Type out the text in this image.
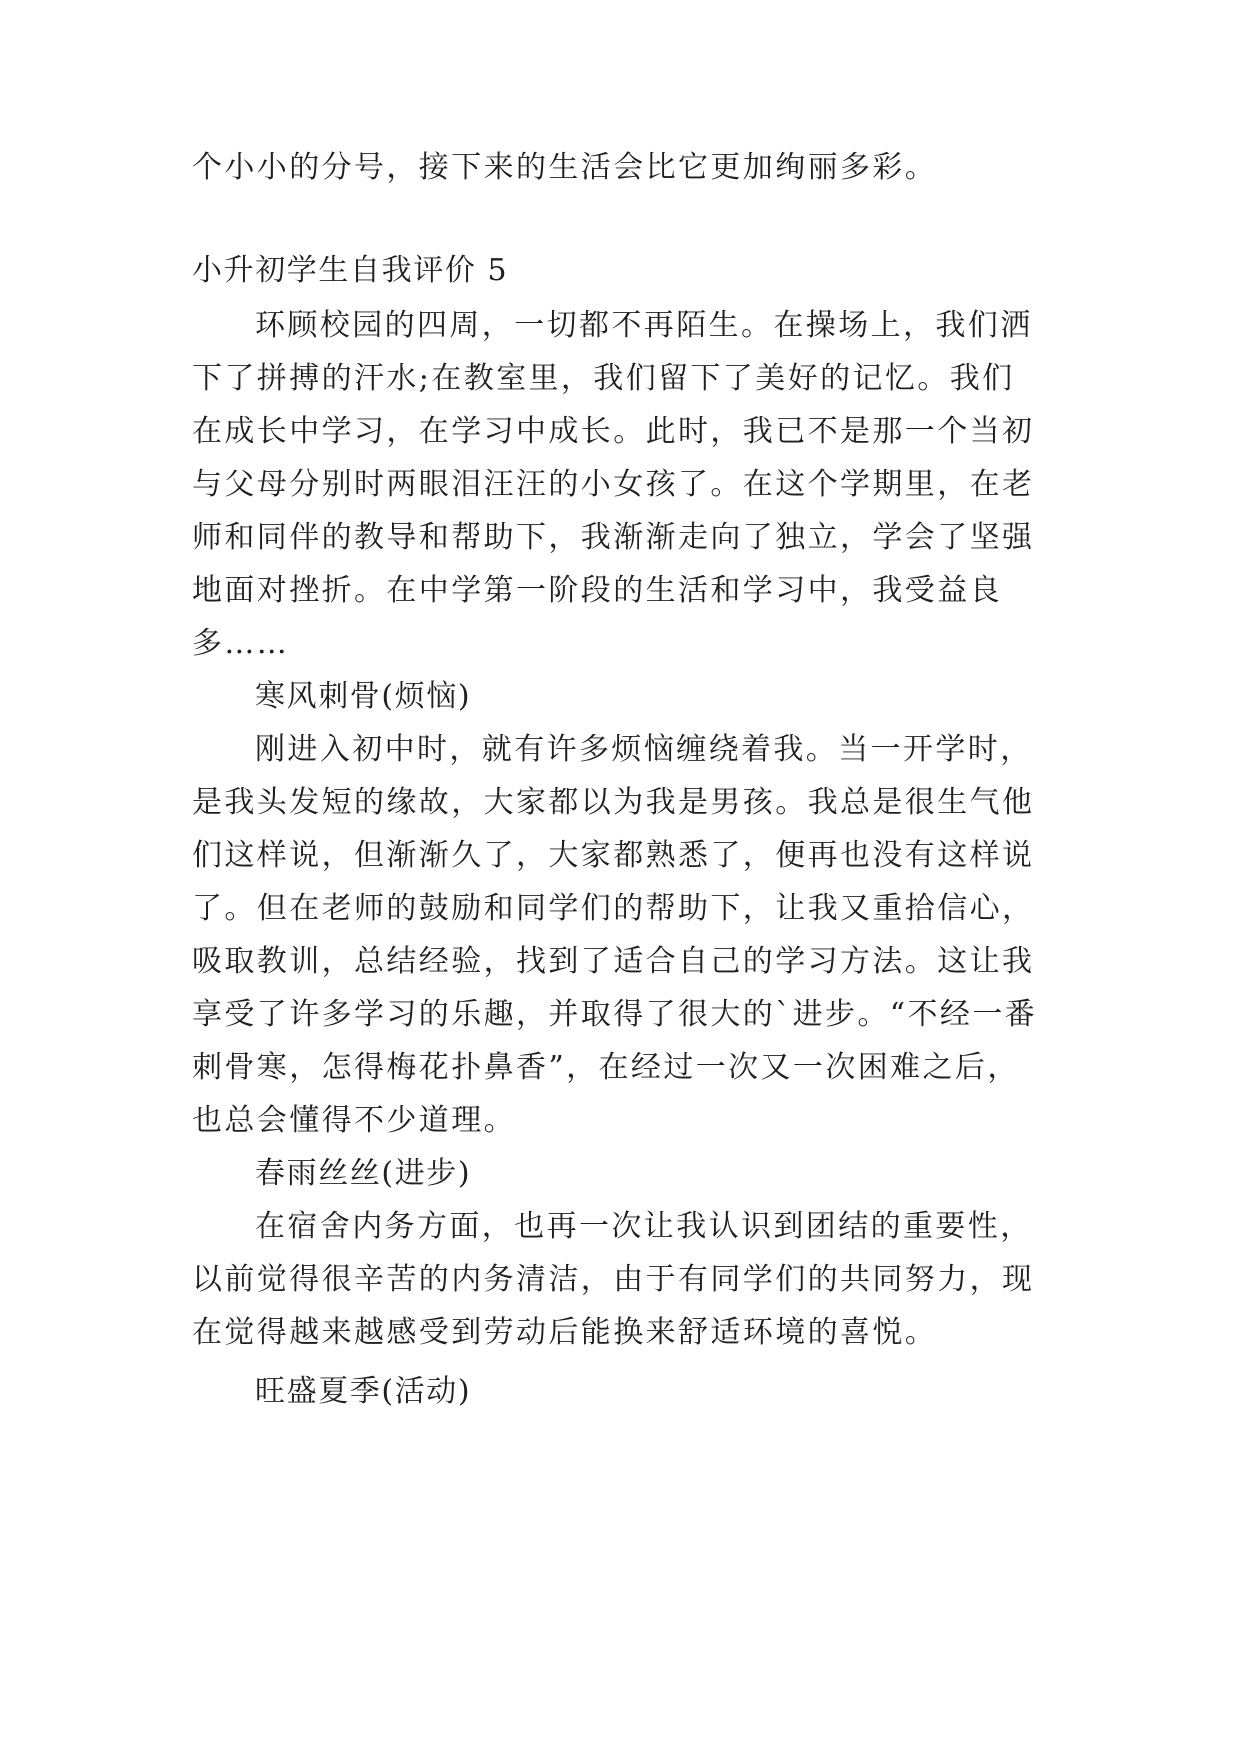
个小小的分号，接下来的生活会比它更加绚丽多彩。
小升初学生自我评价 5
环顾校园的四周，一切都不再陌生。在操场上，我们洒
下了拼搏的汗水;在教室里，我们留下了美好的记忆。我们
在成长中学习，在学习中成长。此时，我已不是那一个当初
与父母分别时两眼泪汪汪的小女孩了。在这个学期里，在老
师和同伴的教导和帮助下，我渐渐走向了独立，学会了坚强
地面对挫折。在中学第一阶段的生活和学习中，我受益良
多……
寒风刺骨(烦恼)
刚进入初中时，就有许多烦恼缠绕着我。当一开学时，
是我头发短的缘故，大家都以为我是男孩。我总是很生气他
们这样说，但渐渐久了，大家都熟悉了，便再也没有这样说
了。但在老师的鼓励和同学们的帮助下，让我又重拾信心，
吸取教训，总结经验，找到了适合自己的学习方法。这让我
享受了许多学习的乐趣，并取得了很大的`进步。“不经一番
刺骨寒，怎得梅花扑鼻香”，在经过一次又一次困难之后，
也总会懂得不少道理。
春雨丝丝(进步)
在宿舍内务方面，也再一次让我认识到团结的重要性，
以前觉得很辛苦的内务清洁，由于有同学们的共同努力，现
在觉得越来越感受到劳动后能换来舒适环境的喜悦。
旺盛夏季(活动)
